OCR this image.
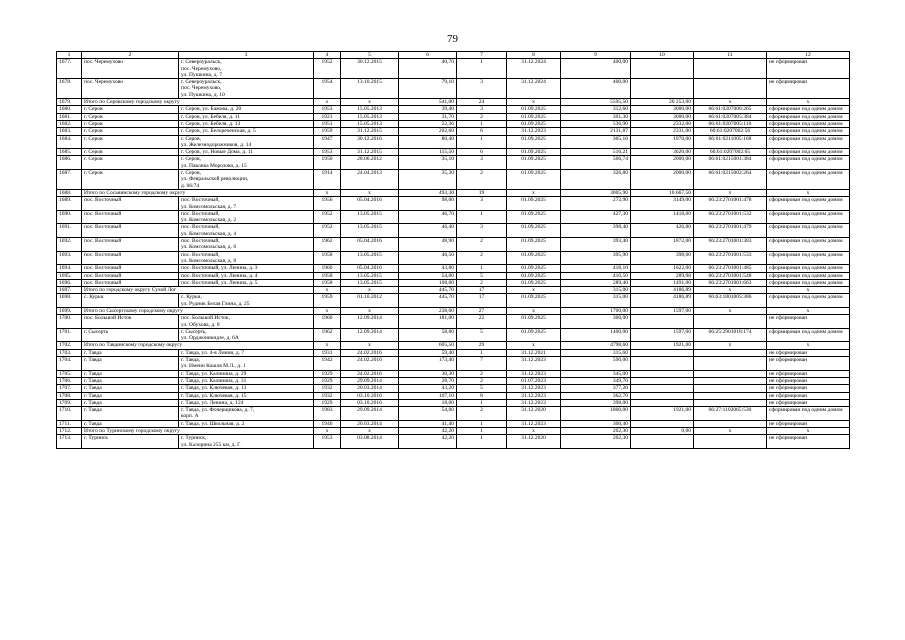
79
1	2	3	4	5	6	7	8	9	10	11	12
1677.	пос. Черемухово	г. Североуральск,
пос. Черемухово,
ул. Пушкина, д. 7	1952	30.12.2015	40,70	1	31.12.2024	400,00			не сформирован
1678.	пос. Черемухово	г. Североуральск,
пос. Черемухово,
ул. Пушкина, д. 10	1954	13.10.2015	79,10	3	31.12.2024	400,00			не сформирован
1679.	Итого по Серовскому городскому округу		x	x	541,00	24	x	5595,50	20 253,00	x	x
1680.	г. Серов	г. Серов, ул. Бажова, д. 20	1953	15.05.2013	39,40	3	01.09.2025	312,60	3000,00	66:61:0207006:265	сформирован под одним домом
1681.	г. Серов	г. Серов, ул. Бебеля, д. 11	1921	15.05.2013	31,70	2	01.09.2025	301,30	3000,00	66:61:0207005:384	сформирован под одним домом
1682.	г. Серов	г. Серов, ул. Бебеля, д. 13	1951	15.05.2013	22,36	1	01.09.2025	536,90	2332,00	66:61:0207005:110	сформирован под одним домом
1683.	г. Серов	г. Серов, ул. Белореченская, д. 5	1959	31.12.2015	202,60	6	31.12.2023	2131,87	2331,00	66:61:0207002:56	сформирован под одним домом
1684.	г. Серов	г. Серов,
ул. Железнодорожников, д. 14	1947	30.12.2016	80,40	1	01.09.2025	365,16	1970,00	66:61:0211005:168	сформирован под одним домом
1685.	г. Серов	г. Серов, ул. Новые Дома, д. 11	1953	31.12.2015	115,50	6	01.09.2025	516,21	3620,00	66:61:0207002:65	сформирован под одним домом
1686.	г. Серов	г. Серов,
ул. Павлика Морозова, д. 15	1950	28.06.2012	35,10	3	01.09.2025	506,74	2000,00	66:61:0215001:384	сформирован под одним домом
1687.	г. Серов	г. Серов,
ул. Февральской революции,
д. 66/74	1914	24.04.2013	35,30	2	01.09.2025	326,80	2000,00	66:61:0215002:264	сформирован под одним домом
1688.	Итого по Сосьвинскому городскому округу		x	x	493,30	19	x	3005,90	10 667,50	x	x
1689.	пос. Восточный	пос. Восточный,
ул. Комсомольская, д. 7	1956	05.04.2016	98,00	3	01.09.2025	272,90	3149,00	66:23:2701001:478	сформирован под одним домом
1690.	пос. Восточный	пос. Восточный,
ул. Комсомольская, д. 2	1952	13.05.2015	46,70	1	01.09.2025	427,30	1418,00	66:23:2701001:532	сформирован под одним домом
1691.	пос. Восточный	пос. Восточный,
ул. Комсомольская, д. 4	1952	13.05.2015	46,40	3	01.09.2025	398,40	426,80	66:23:2701001:479	сформирован под одним домом
1692.	пос. Восточный	пос. Восточный,
ул. Комсомольская, д. 6	1962	05.04.2016	48,90	2	01.09.2025	393,40	1872,00	66:23:2701001:383	сформирован под одним домом
1693.	пос. Восточный	пос. Восточный,
ул. Комсомольская, д. 8	1958	13.05.2015	46,50	2	01.09.2025	395,90	398,60	66:23:2701001:533	сформирован под одним домом
1694.	пос. Восточный	пос. Восточный, ул. Ленина, д. 3	1960	05.04.2016	43,80	1	01.09.2025	418,10	1622,00	66:23:2701001:485	сформирован под одним домом
1695.	пос. Восточный	пос. Восточный, ул. Ленина, д. 4	1958	13.05.2015	54,00	5	01.09.2025	410,50	289,98	66:23:2701001:548	сформирован под одним домом
1696.	пос. Восточный	пос. Восточный, ул. Ленина, д. 5	1958	13.05.2015	108,00	2	01.09.2025	289,40	1491,00	66:23:2701001:663	сформирован под одним домом
1697.	Итого по городскому округу Сухой Лог		x	x	445,70	17	x	315,00	4186,89	x	x
1698.	с. Курьи	с. Курьи,
ул. Рудник Белая Глина, д. 25	1959	01.10.2012	445,70	17	01.09.2025	315,00	4186,89	66:63:1801005:386	сформирован под одним домом
1699.	Итого по Сысертскому городскому округу		x	x	238,00	27	x	1700,00	1597,00	x	x
1700.	пос. Большой Исток	пос. Большой Исток,
ул. Обухова, д. 8	1960	12.09.2014	181,00	22	01.09.2025	300,00			не сформирован
1701.	г. Сысерть	г. Сысерть,
ул. Орджоникидзе, д. 6А	1962	12.09.2014	58,80	5	01.09.2025	1400,00	1597,00	66:25:2901018:174	сформирован под одним домом
1702.	Итого по Тавдинскому городскому округу		x	x	605,50	29	x	4798,60	1921,00	x	x
1703.	г. Тавда	г. Тавда, ул. 4-я Линия, д. 7	1931	24.02.2016	59,40	1	31.12.2021	315,60			не сформирован
1704.	г. Тавда	г. Тавда,
ул. Имени Кошля М.Л., д. 1	1942	24.02.2016	173,40	7	31.12.2023	590,00			не сформирован
1705.	г. Тавда	г. Тавда, ул. Калинина, д. 29	1929	24.02.2016	30,30	2	31.12.2023	345,00			не сформирован
1706.	г. Тавда	г. Тавда, ул. Калинина, д. 31	1929	29.09.2014	28,70	2	01.07.2023	349,70			не сформирован
1707.	г. Тавда	г. Тавда, ул. Ключевая, д. 13	1932	20.03.2014	43,20	5	31.12.2023	377,20			не сформирован
1708.	г. Тавда	г. Тавда, ул. Ключевая, д. 15	1932	03.10.2016	107,10	8	31.12.2023	362,70			не сформирован
1709.	г. Тавда	г. Тавда, ул. Ленина, д. 124	1929	03.10.2016	18,00	1	31.12.2023	398,00			не сформирован
1710.	г. Тавда	г. Тавда, ул. Фочерщикова, д. 7,
корп. А	1983	29.09.2014	54,00	2	31.12.2020	1800,00	1921,00	66:27:1102065:530	сформирован под одним домом
1711.	г. Тавда	г. Тавда, ул. Школьная, д. 2	1940	20.03.2014	41,40	1	31.12.2023	300,40			не сформирован
1712.	Итого по Туринскому городскому округу		x	x	42,20	1	x	202,30	0,00	x	x
1713.	г. Туринск	г. Туринск,
ул. Калорина 255 км, д. Г	1953	03.08.2014	42,20	1	31.12.2020	202,30			не сформирован
